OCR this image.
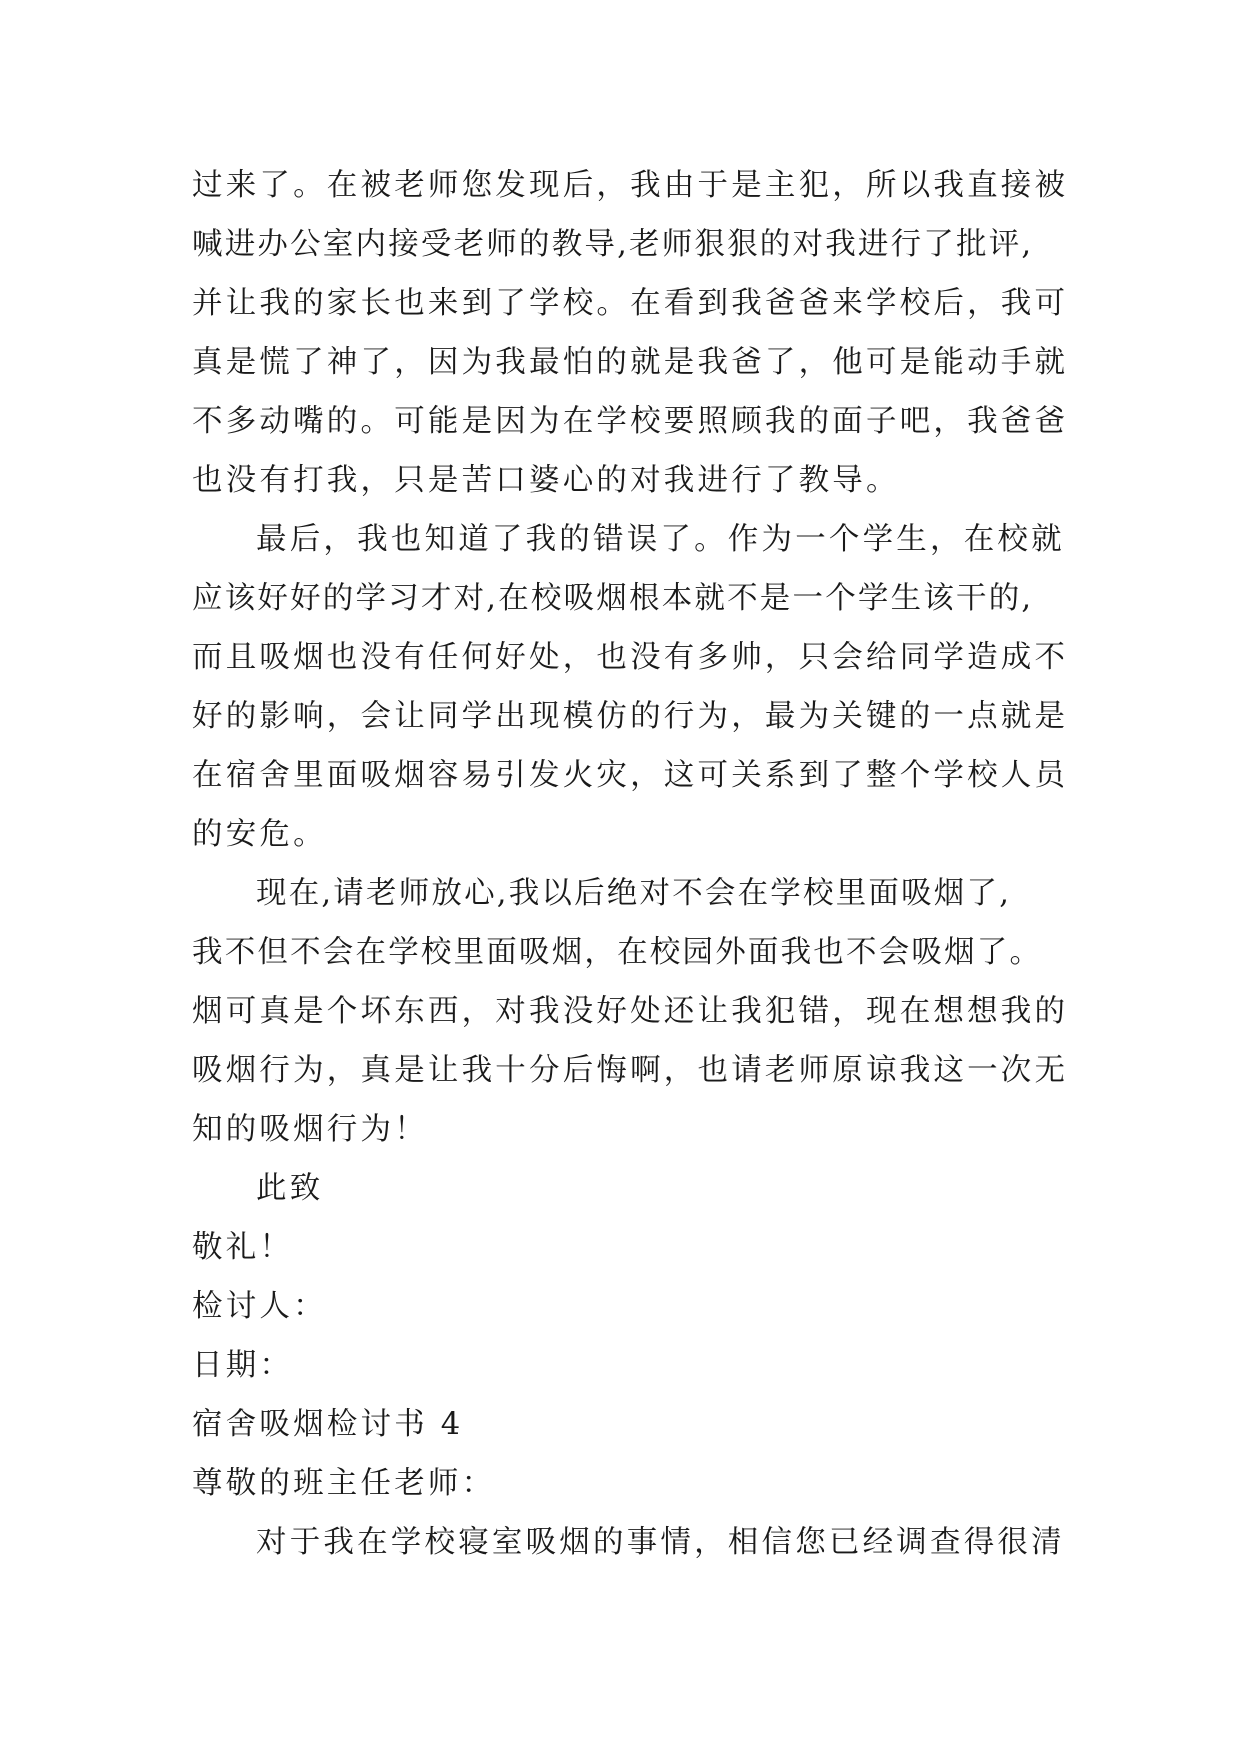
过来了。在被老师您发现后，我由于是主犯，所以我直接被
喊进办公室内接受老师的教导,老师狠狠的对我进行了批评,
并让我的家长也来到了学校。在看到我爸爸来学校后，我可
真是慌了神了，因为我最怕的就是我爸了，他可是能动手就
不多动嘴的。可能是因为在学校要照顾我的面子吧，我爸爸
也没有打我，只是苦口婆心的对我进行了教导。
最后，我也知道了我的错误了。作为一个学生，在校就
应该好好的学习才对,在校吸烟根本就不是一个学生该干的,
而且吸烟也没有任何好处，也没有多帅，只会给同学造成不
好的影响，会让同学出现模仿的行为，最为关键的一点就是
在宿舍里面吸烟容易引发火灾，这可关系到了整个学校人员
的安危。
现在,请老师放心,我以后绝对不会在学校里面吸烟了,
我不但不会在学校里面吸烟，在校园外面我也不会吸烟了。
烟可真是个坏东西，对我没好处还让我犯错，现在想想我的
吸烟行为，真是让我十分后悔啊，也请老师原谅我这一次无
知的吸烟行为！
此致
敬礼！
检讨人：
日期：
宿舍吸烟检讨书 4
尊敬的班主任老师：
对于我在学校寝室吸烟的事情，相信您已经调查得很清
